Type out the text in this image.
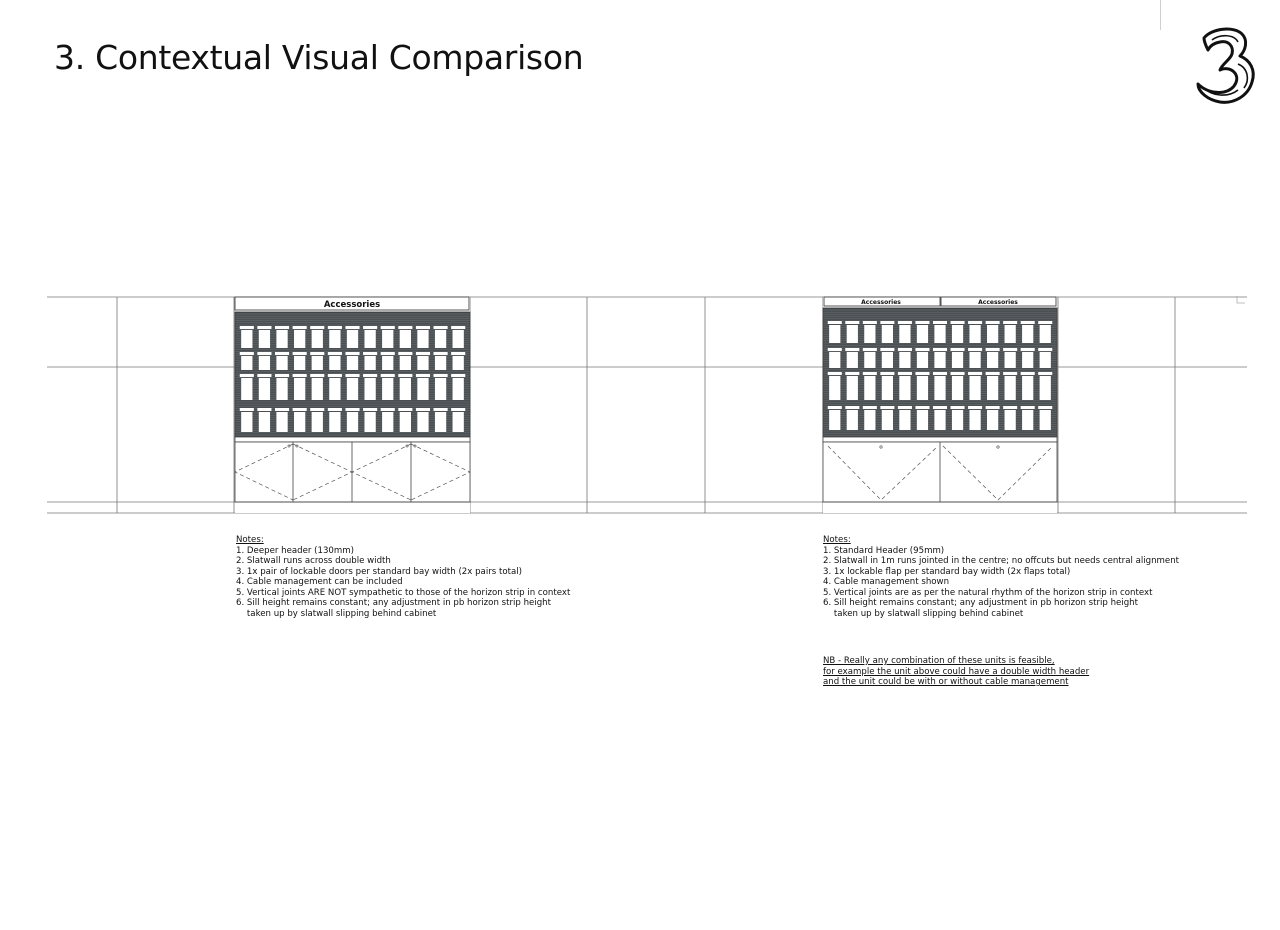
3. Contextual Visual Comparison
Accessories	Accessories	Accessories
Notes:
1. Deeper header (130mm)
2. Slatwall runs across double width
3. 1x pair of lockable doors per standard bay width (2x pairs total)
4. Cable management can be included
5. Vertical joints ARE NOT sympathetic to those of the horizon strip in context
6. Sill height remains constant; any adjustment in pb horizon strip height
taken up by slatwall slipping behind cabinet
Notes:
1. Standard Header (95mm)
2. Slatwall in 1m runs jointed in the centre; no offcuts but needs central alignment
3. 1x lockable flap per standard bay width (2x flaps total)
4. Cable management shown
5. Vertical joints are as per the natural rhythm of the horizon strip in context
6. Sill height remains constant; any adjustment in pb horizon strip height
taken up by slatwall slipping behind cabinet
NB - Really any combination of these units is feasible,
for example the unit above could have a double width header
and the unit could be with or without cable management
